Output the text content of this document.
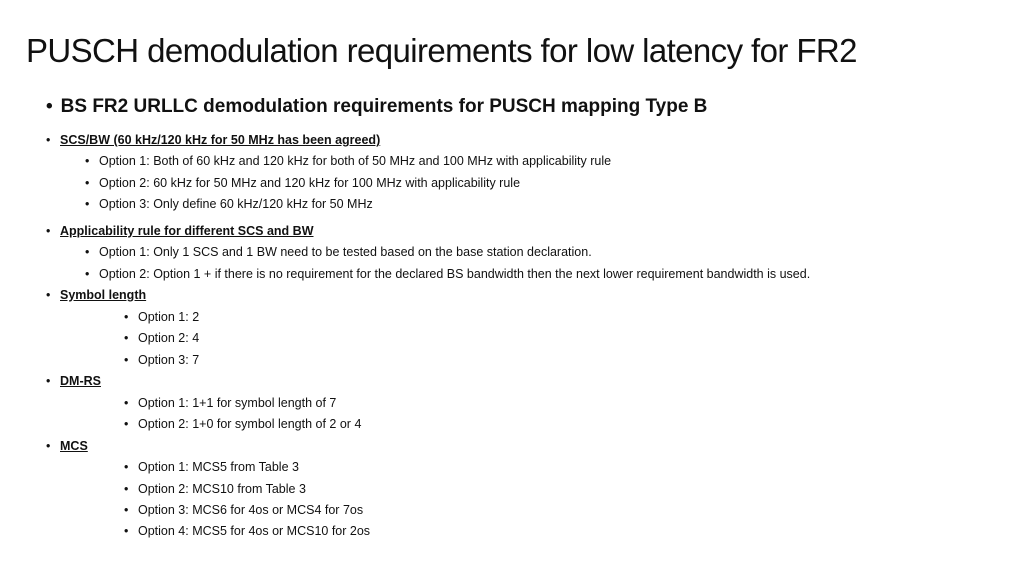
PUSCH demodulation requirements for low latency for FR2
• BS FR2 URLLC demodulation requirements for PUSCH mapping Type B
• SCS/BW (60 kHz/120 kHz for 50 MHz has been agreed)
• Option 1: Both of 60 kHz and 120 kHz for both of 50 MHz and 100 MHz with applicability rule
• Option 2: 60 kHz for 50 MHz and 120 kHz for 100 MHz with applicability rule
• Option 3: Only define 60 kHz/120 kHz for 50 MHz
• Applicability rule for different SCS and BW
• Option 1: Only 1 SCS and 1 BW need to be tested based on the base station declaration.
• Option 2: Option 1 + if there is no requirement for the declared BS bandwidth then the next lower requirement bandwidth is used.
• Symbol length
• Option 1: 2
• Option 2: 4
• Option 3: 7
• DM-RS
• Option 1: 1+1 for symbol length of 7
• Option 2: 1+0 for symbol length of 2 or 4
• MCS
• Option 1: MCS5 from Table 3
• Option 2: MCS10 from Table 3
• Option 3: MCS6 for 4os or MCS4 for 7os
• Option 4: MCS5 for 4os or MCS10 for 2os
